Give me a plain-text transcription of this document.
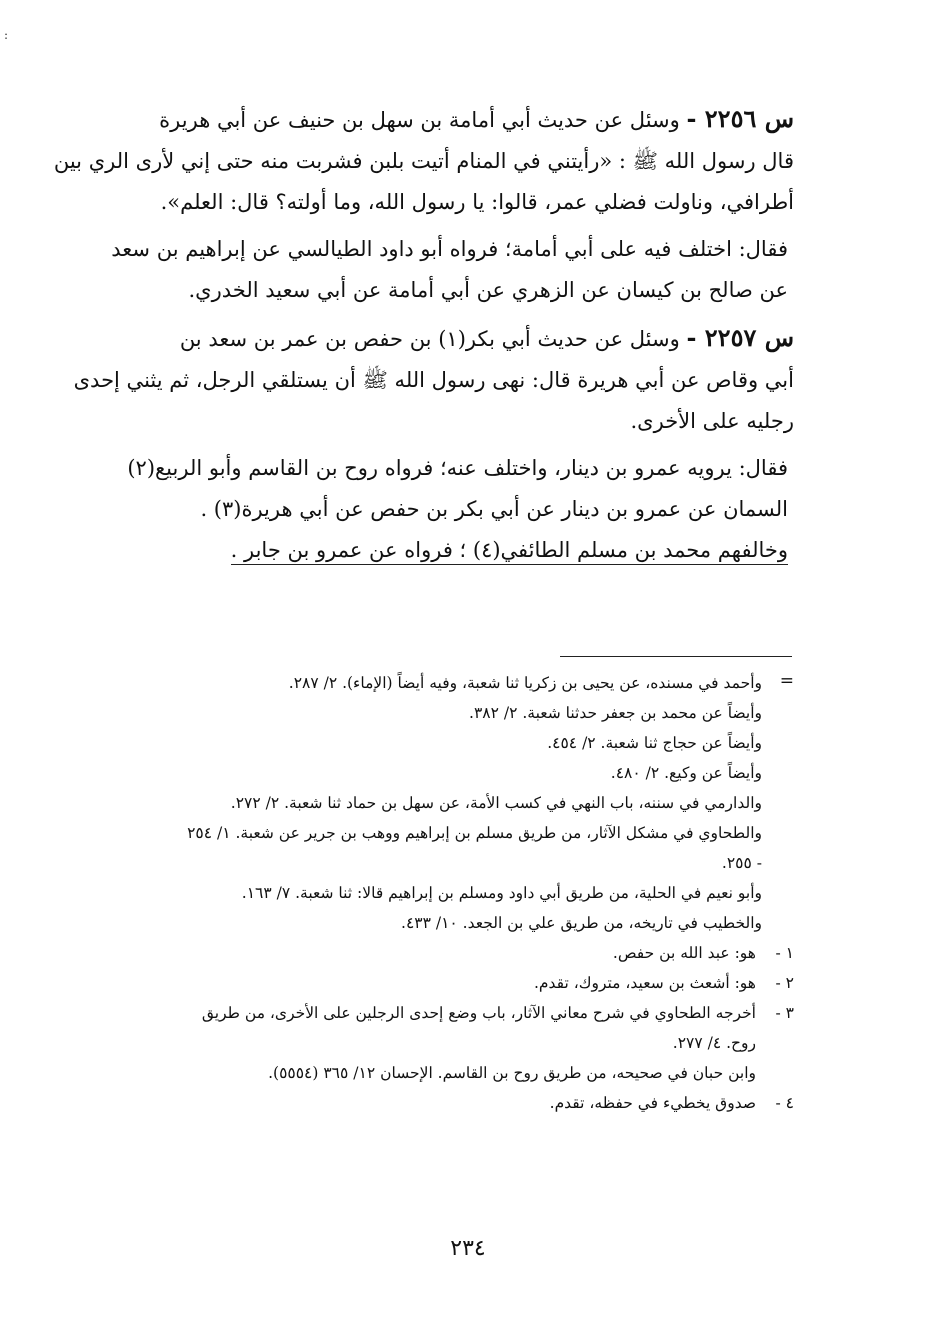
:
س ٢٢٥٦ - وسئل عن حديث أبي أمامة بن سهل بن حنيف عن أبي هريرة
قال رسول الله ﷺ : «رأيتني في المنام أتيت بلبن فشربت منه حتى إني لأرى الري بين
أطرافي، وناولت فضلي عمر، قالوا: يا رسول الله، وما أولته؟ قال: العلم».
فقال: اختلف فيه على أبي أمامة؛ فرواه أبو داود الطيالسي عن إبراهيم بن سعد
عن صالح بن كيسان عن الزهري عن أبي أمامة عن أبي سعيد الخدري.
س ٢٢٥٧ - وسئل عن حديث أبي بكر(١) بن حفص بن عمر بن سعد بن
أبي وقاص عن أبي هريرة قال: نهى رسول الله ﷺ أن يستلقي الرجل، ثم يثني إحدى
رجليه على الأخرى.
فقال: يرويه عمرو بن دينار، واختلف عنه؛ فرواه روح بن القاسم وأبو الربيع(٢)
السمان عن عمرو بن دينار عن أبي بكر بن حفص عن أبي هريرة(٣) .
وخالفهم محمد بن مسلم الطائفي(٤) ؛ فرواه عن عمرو بن جابر .
=
وأحمد في مسنده، عن يحيى بن زكريا ثنا شعبة، وفيه أيضاً (الإماء). ٢/ ٢٨٧.
وأيضاً عن محمد بن جعفر حدثنا شعبة. ٢/ ٣٨٢.
وأيضاً عن حجاج ثنا شعبة. ٢/ ٤٥٤.
وأيضاً عن وكيع. ٢/ ٤٨٠.
والدارمي في سننه، باب النهي في كسب الأمة، عن سهل بن حماد ثنا شعبة. ٢/ ٢٧٢.
والطحاوي في مشكل الآثار، من طريق مسلم بن إبراهيم ووهب بن جرير عن شعبة. ١/ ٢٥٤
- ٢٥٥.
وأبو نعيم في الحلية، من طريق أبي داود ومسلم بن إبراهيم قالا: ثنا شعبة. ٧/ ١٦٣.
والخطيب في تاريخه، من طريق علي بن الجعد. ١٠/ ٤٣٣.
١ -
هو: عبد الله بن حفص.
٢ -
هو: أشعث بن سعيد، متروك، تقدم.
٣ -
أخرجه الطحاوي في شرح معاني الآثار، باب وضع إحدى الرجلين على الأخرى، من طريق
روح. ٤/ ٢٧٧.
وابن حبان في صحيحه، من طريق روح بن القاسم. الإحسان ١٢/ ٣٦٥ (٥٥٥٤).
٤ -
صدوق يخطيء في حفظه، تقدم.
٢٣٤
